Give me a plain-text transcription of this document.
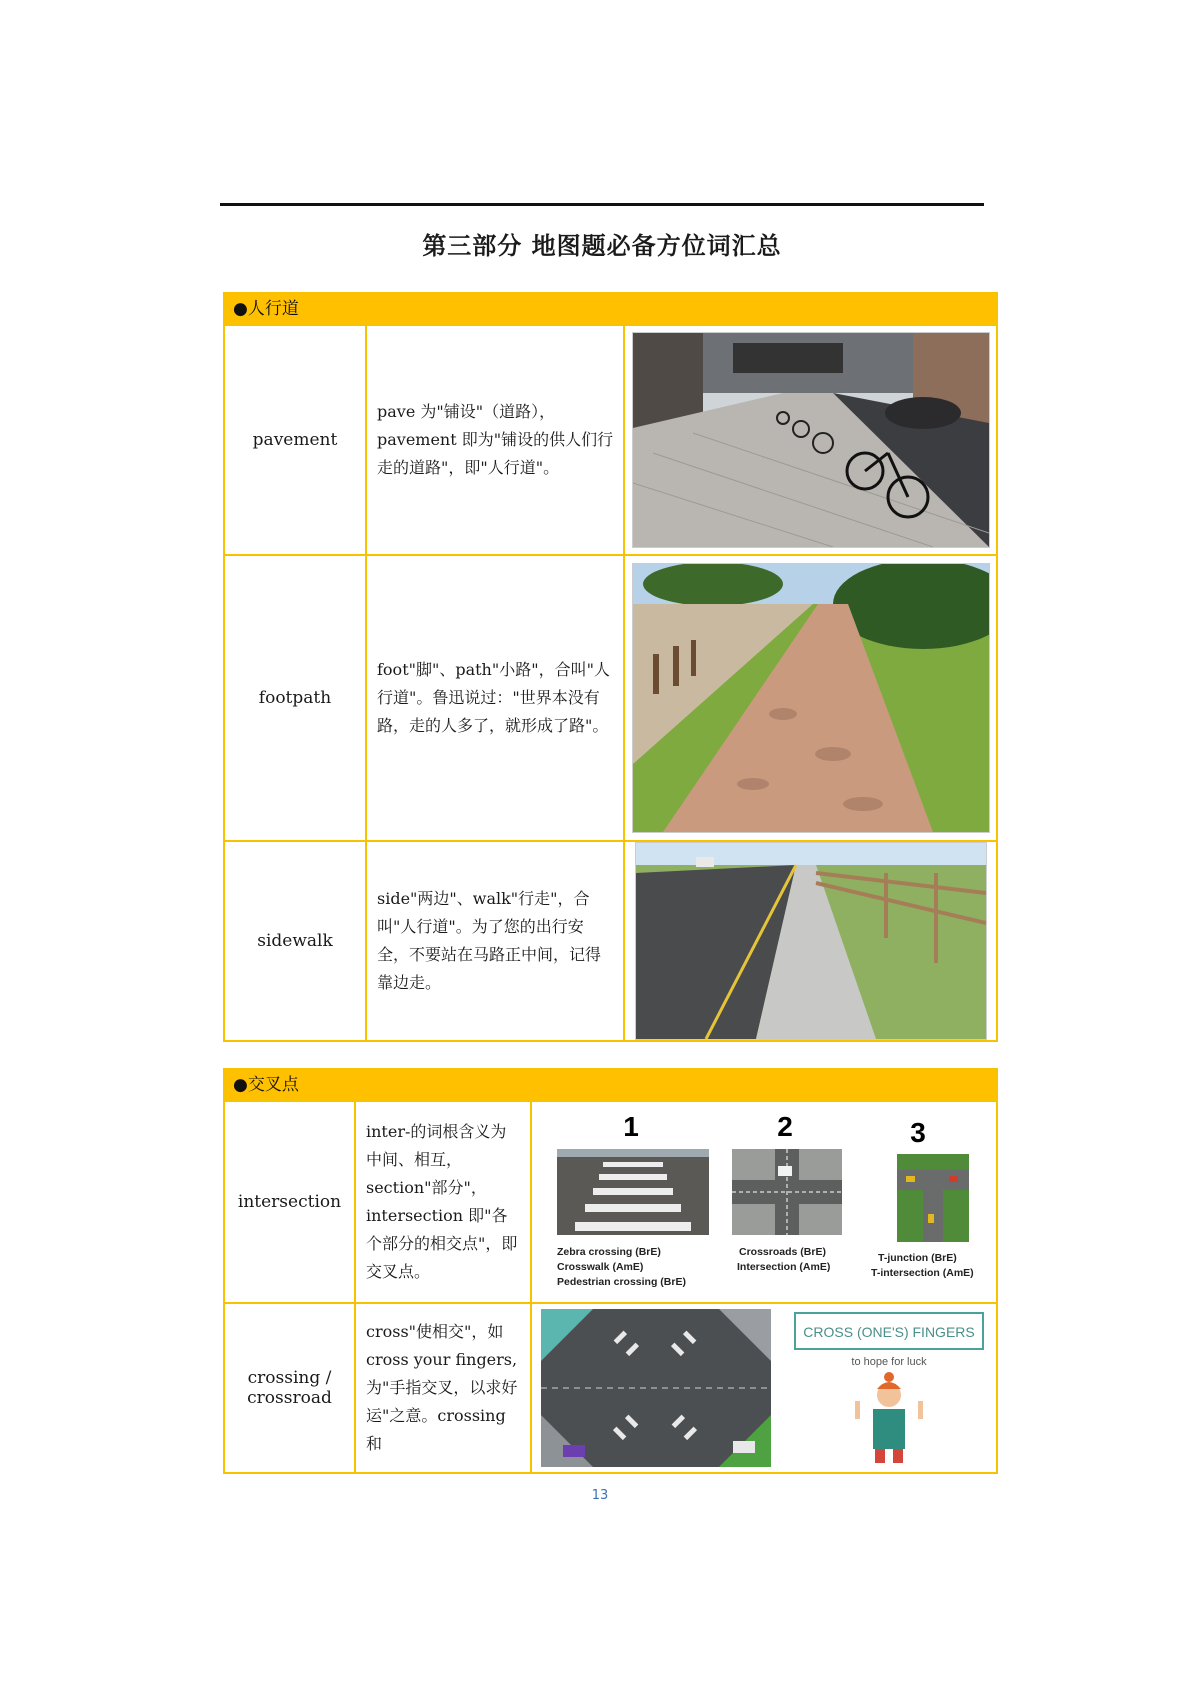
第三部分 地图题必备方位词汇总
●人行道
pavement
pave 为"铺设"（道路），pavement 即为"铺设的供人们行走的道路"，即"人行道"。
footpath
foot"脚"、path"小路"，合叫"人行道"。鲁迅说过："世界本没有路，走的人多了，就形成了路"。
sidewalk
side"两边"、walk"行走"，合叫"人行道"。为了您的出行安全，不要站在马路正中间，记得靠边走。
●交叉点
intersection
inter-的词根含义为中间、相互，section"部分"，intersection 即"各个部分的相交点"，即交叉点。
1	2	3
Zebra crossing (BrE)
Crosswalk (AmE)
Pedestrian crossing (BrE)
Crossroads (BrE)
Intersection (AmE)
T-junction (BrE)
T-intersection (AmE)
crossing / crossroad
cross"使相交"，如cross your fingers, 为"手指交叉，以求好运"之意。crossing 和
CROSS (ONE'S) FINGERS
to hope for luck
13
